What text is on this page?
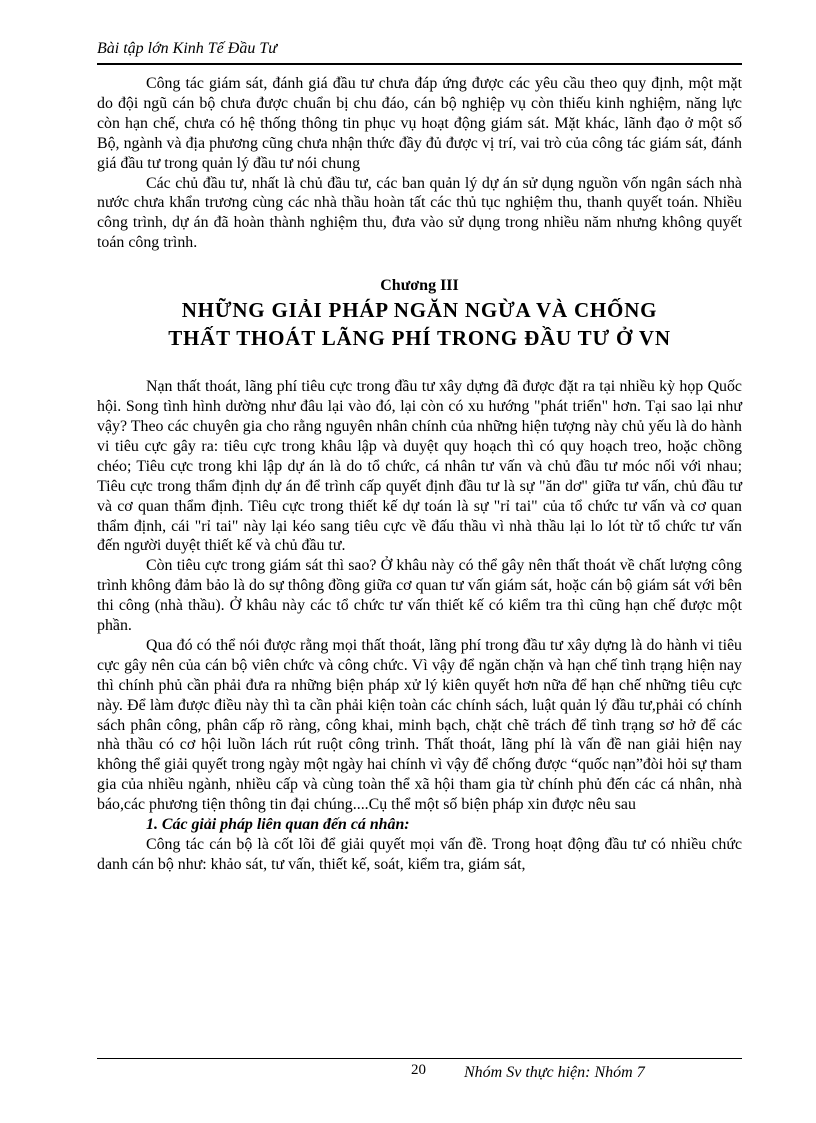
Bài tập lớn Kinh Tế Đầu Tư

Công tác giám sát, đánh giá đầu tư chưa đáp ứng được các yêu cầu theo quy định, một mặt do đội ngũ cán bộ chưa được chuẩn bị chu đáo, cán bộ nghiệp vụ còn thiếu kinh nghiệm, năng lực còn hạn chế, chưa có hệ thống thông tin phục vụ hoạt động giám sát. Mặt khác, lãnh đạo ở một số Bộ, ngành và địa phương cũng chưa nhận thức đầy đủ được vị trí, vai trò của công tác giám sát, đánh giá đầu tư trong quản lý đầu tư nói chung

Các chủ đầu tư, nhất là chủ đầu tư, các ban quản lý dự án sử dụng nguồn vốn ngân sách nhà nước chưa khẩn trương cùng các nhà thầu hoàn tất các thủ tục nghiệm thu, thanh quyết toán. Nhiều công trình, dự án đã hoàn thành nghiệm thu, đưa vào sử dụng trong nhiều năm nhưng không quyết toán công trình.

Chương III
NHỮNG GIẢI PHÁP NGĂN NGỪA VÀ CHỐNG
THẤT THOÁT LÃNG PHÍ TRONG ĐẦU TƯ Ở VN

Nạn thất thoát, lãng phí tiêu cực trong đầu tư xây dựng đã được đặt ra tại nhiều kỳ họp Quốc hội. Song tình hình dường như đâu lại vào đó, lại còn có xu hướng "phát triển" hơn. Tại sao lại như vậy? Theo các chuyên gia cho rằng nguyên nhân chính của những hiện tượng này chủ yếu là do hành vi tiêu cực gây ra: tiêu cực trong khâu lập và duyệt quy hoạch thì có quy hoạch treo, hoặc chồng chéo; Tiêu cực trong khi lập dự án là do tổ chức, cá nhân tư vấn và chủ đầu tư móc nối với nhau; Tiêu cực trong thẩm định dự án để trình cấp quyết định đầu tư là sự "ăn dơ" giữa tư vấn, chủ đầu tư và cơ quan thẩm định. Tiêu cực trong thiết kế dự toán là sự "rỉ tai" của tổ chức tư vấn và cơ quan thẩm định, cái "rỉ tai" này lại kéo sang tiêu cực về đấu thầu vì nhà thầu lại lo lót từ tổ chức tư vấn đến người duyệt thiết kế và chủ đầu tư.

Còn tiêu cực trong giám sát thì sao? Ở khâu này có thể gây nên thất thoát về chất lượng công trình không đảm bảo là do sự thông đồng giữa cơ quan tư vấn giám sát, hoặc cán bộ giám sát với bên thi công (nhà thầu). Ở khâu này các tổ chức tư vấn thiết kế có kiểm tra thì cũng hạn chế được một phần.

Qua đó có thể nói được rằng mọi thất thoát, lãng phí trong đầu tư xây dựng là do hành vi tiêu cực gây nên của cán bộ viên chức và công chức. Vì vậy để ngăn chặn và hạn chế tình trạng hiện nay thì chính phủ cần phải đưa ra những biện pháp xử lý kiên quyết hơn nữa để hạn chế những tiêu cực này. Để làm được điều này thì ta cần phải kiện toàn các chính sách, luật quản lý đầu tư,phải có chính sách phân công, phân cấp rõ ràng, công khai, minh bạch, chặt chẽ trách để tình trạng sơ hở để các nhà thầu có cơ hội luồn lách rút ruột công trình. Thất thoát, lãng phí là vấn đề nan giải hiện nay không thể giải quyết trong ngày một ngày hai chính vì vậy để chống được “quốc nạn”đòi hỏi sự tham gia của nhiều ngành, nhiều cấp và cùng toàn thể xã hội tham gia từ chính phủ đến các cá nhân, nhà báo,các phương tiện thông tin đại chúng....Cụ thể một số biện pháp xin được nêu sau

1. Các giải pháp liên quan đến cá nhân:

Công tác cán bộ là cốt lõi để giải quyết mọi vấn đề. Trong hoạt động đầu tư có nhiều chức danh cán bộ như: khảo sát, tư vấn, thiết kế, soát, kiểm tra, giám sát,

20 Nhóm Sv thực hiện: Nhóm 7
